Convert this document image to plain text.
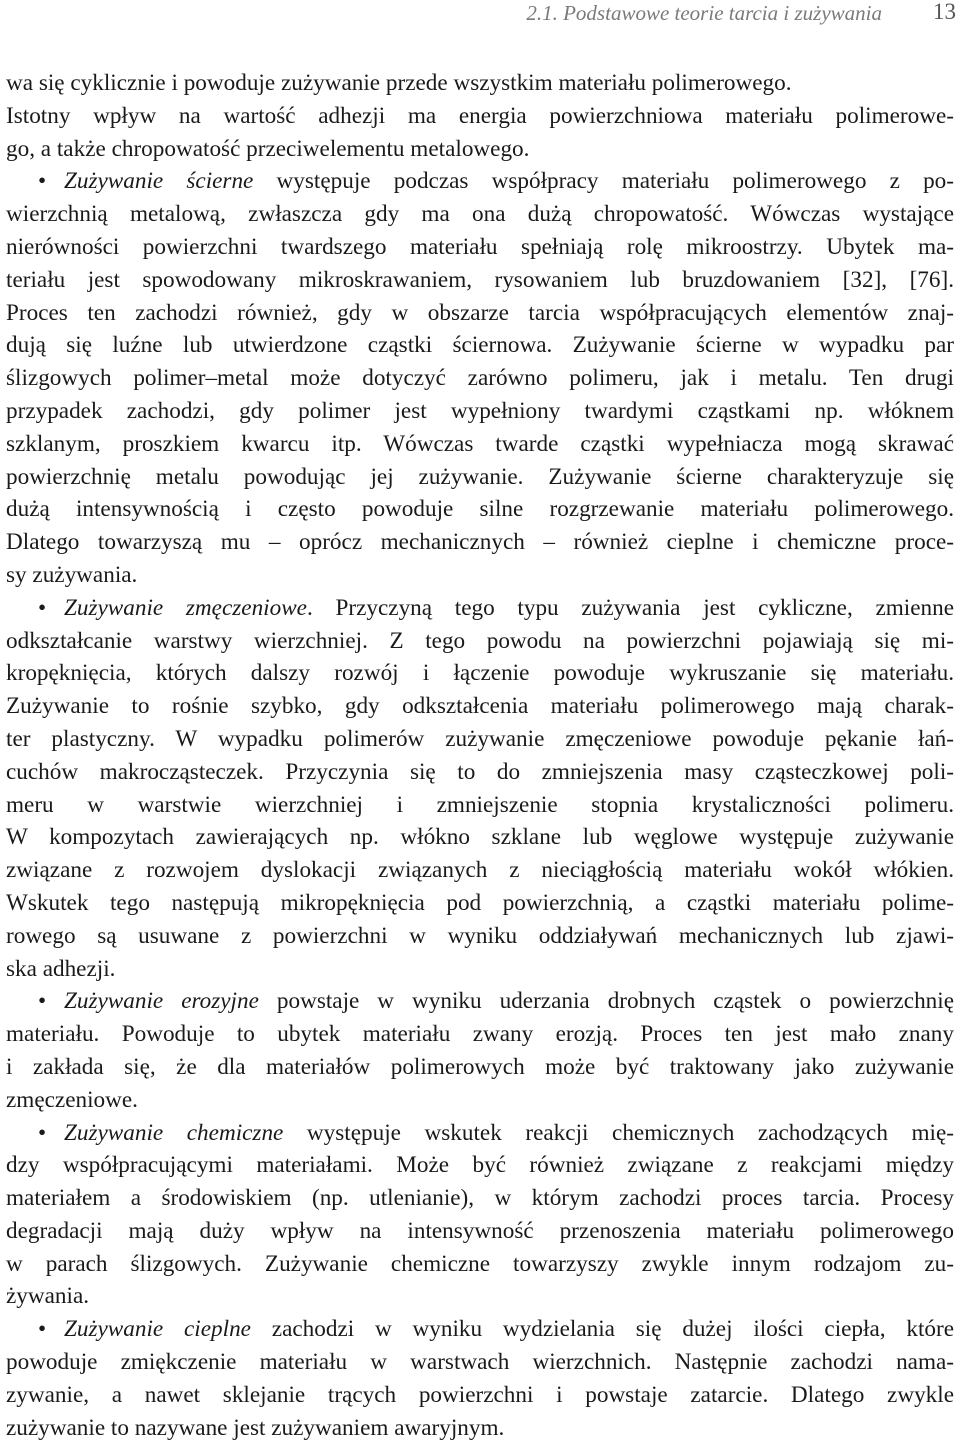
2.1. Podstawowe teorie tarcia i zużywania 13
wa się cyklicznie i powoduje zużywanie przede wszystkim materiału polimerowego.
Istotny wpływ na wartość adhezji ma energia powierzchniowa materiału polimerowe-
go, a także chropowatość przeciwelementu metalowego.
• Zużywanie ścierne występuje podczas współpracy materiału polimerowego z po-
wierzchnią metalową, zwłaszcza gdy ma ona dużą chropowatość. Wówczas wystające
nierówności powierzchni twardszego materiału spełniają rolę mikroostrzy. Ubytek ma-
teriału jest spowodowany mikroskrawaniem, rysowaniem lub bruzdowaniem [32], [76].
Proces ten zachodzi również, gdy w obszarze tarcia współpracujących elementów znaj-
dują się luźne lub utwierdzone cząstki ściernowa. Zużywanie ścierne w wypadku par
ślizgowych polimer–metal może dotyczyć zarówno polimeru, jak i metalu. Ten drugi
przypadek zachodzi, gdy polimer jest wypełniony twardymi cząstkami np. włóknem
szklanym, proszkiem kwarcu itp. Wówczas twarde cząstki wypełniacza mogą skrawać
powierzchnię metalu powodując jej zużywanie. Zużywanie ścierne charakteryzuje się
dużą intensywnością i często powoduje silne rozgrzewanie materiału polimerowego.
Dlatego towarzyszą mu – oprócz mechanicznych – również cieplne i chemiczne proce-
sy zużywania.
• Zużywanie zmęczeniowe. Przyczyną tego typu zużywania jest cykliczne, zmienne
odkształcanie warstwy wierzchniej. Z tego powodu na powierzchni pojawiają się mi-
kropęknięcia, których dalszy rozwój i łączenie powoduje wykruszanie się materiału.
Zużywanie to rośnie szybko, gdy odkształcenia materiału polimerowego mają charak-
ter plastyczny. W wypadku polimerów zużywanie zmęczeniowe powoduje pękanie łań-
cuchów makrocząsteczek. Przyczynia się to do zmniejszenia masy cząsteczkowej poli-
meru w warstwie wierzchniej i zmniejszenie stopnia krystaliczności polimeru.
W kompozytach zawierających np. włókno szklane lub węglowe występuje zużywanie
związane z rozwojem dyslokacji związanych z nieciągłością materiału wokół włókien.
Wskutek tego następują mikropęknięcia pod powierzchnią, a cząstki materiału polime-
rowego są usuwane z powierzchni w wyniku oddziaływań mechanicznych lub zjawi-
ska adhezji.
• Zużywanie erozyjne powstaje w wyniku uderzania drobnych cząstek o powierzchnię
materiału. Powoduje to ubytek materiału zwany erozją. Proces ten jest mało znany
i zakłada się, że dla materiałów polimerowych może być traktowany jako zużywanie
zmęczeniowe.
• Zużywanie chemiczne występuje wskutek reakcji chemicznych zachodzących mię-
dzy współpracującymi materiałami. Może być również związane z reakcjami między
materiałem a środowiskiem (np. utlenianie), w którym zachodzi proces tarcia. Procesy
degradacji mają duży wpływ na intensywność przenoszenia materiału polimerowego
w parach ślizgowych. Zużywanie chemiczne towarzyszy zwykle innym rodzajom zu-
żywania.
• Zużywanie cieplne zachodzi w wyniku wydzielania się dużej ilości ciepła, które
powoduje zmiękczenie materiału w warstwach wierzchnich. Następnie zachodzi nama-
zywanie, a nawet sklejanie trących powierzchni i powstaje zatarcie. Dlatego zwykle
zużywanie to nazywane jest zużywaniem awaryjnym.
